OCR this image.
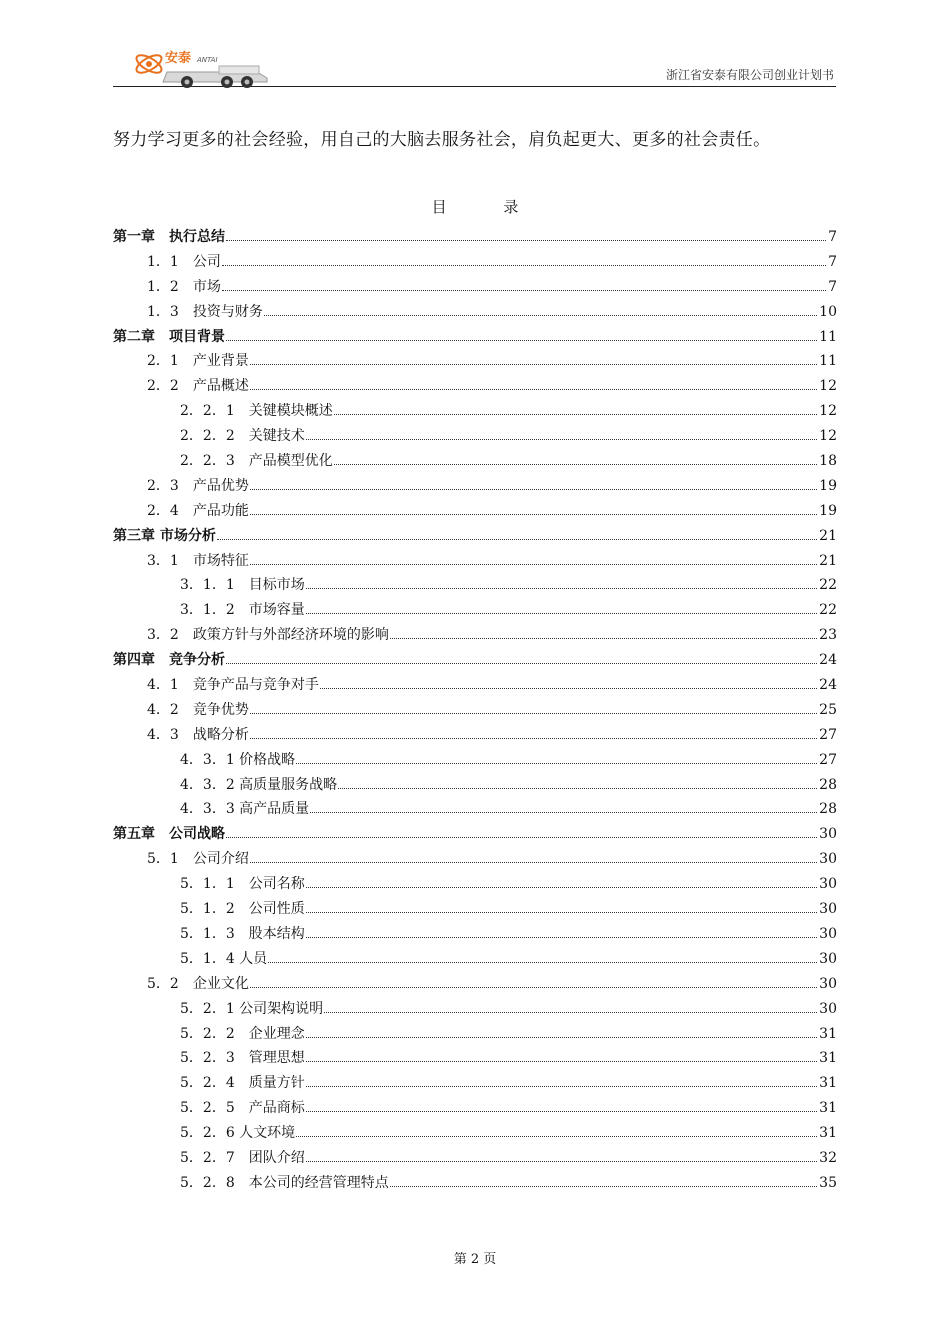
安泰 ANTAI
浙江省安泰有限公司创业计划书
努力学习更多的社会经验，用自己的大脑去服务社会，肩负起更大、更多的社会责任。
目 录
第一章　执行总结	7
1．1　公司	7
1．2　市场	7
1．3　投资与财务	10
第二章　项目背景	11
2．1　产业背景	11
2．2　产品概述	12
2．2．1　关键模块概述	12
2．2．2　关键技术	12
2．2．3　产品模型优化	18
2．3　产品优势	19
2．4　产品功能	19
第三章 市场分析	21
3．1　市场特征	21
3．1．1　目标市场	22
3．1．2　市场容量	22
3．2　政策方针与外部经济环境的影响	23
第四章　竞争分析	24
4．1　竞争产品与竞争对手	24
4．2　竞争优势	25
4．3　战略分析	27
4．3．1 价格战略	27
4．3．2 高质量服务战略	28
4．3．3 高产品质量	28
第五章　公司战略	30
5．1　公司介绍	30
5．1．1　公司名称	30
5．1．2　公司性质	30
5．1．3　股本结构	30
5．1．4 人员	30
5．2　企业文化	30
5．2．1 公司架构说明	30
5．2．2　企业理念	31
5．2．3　管理思想	31
5．2．4　质量方针	31
5．2．5　产品商标	31
5．2．6 人文环境	31
5．2．7　团队介绍	32
5．2．8　本公司的经营管理特点	35
第 2 页
